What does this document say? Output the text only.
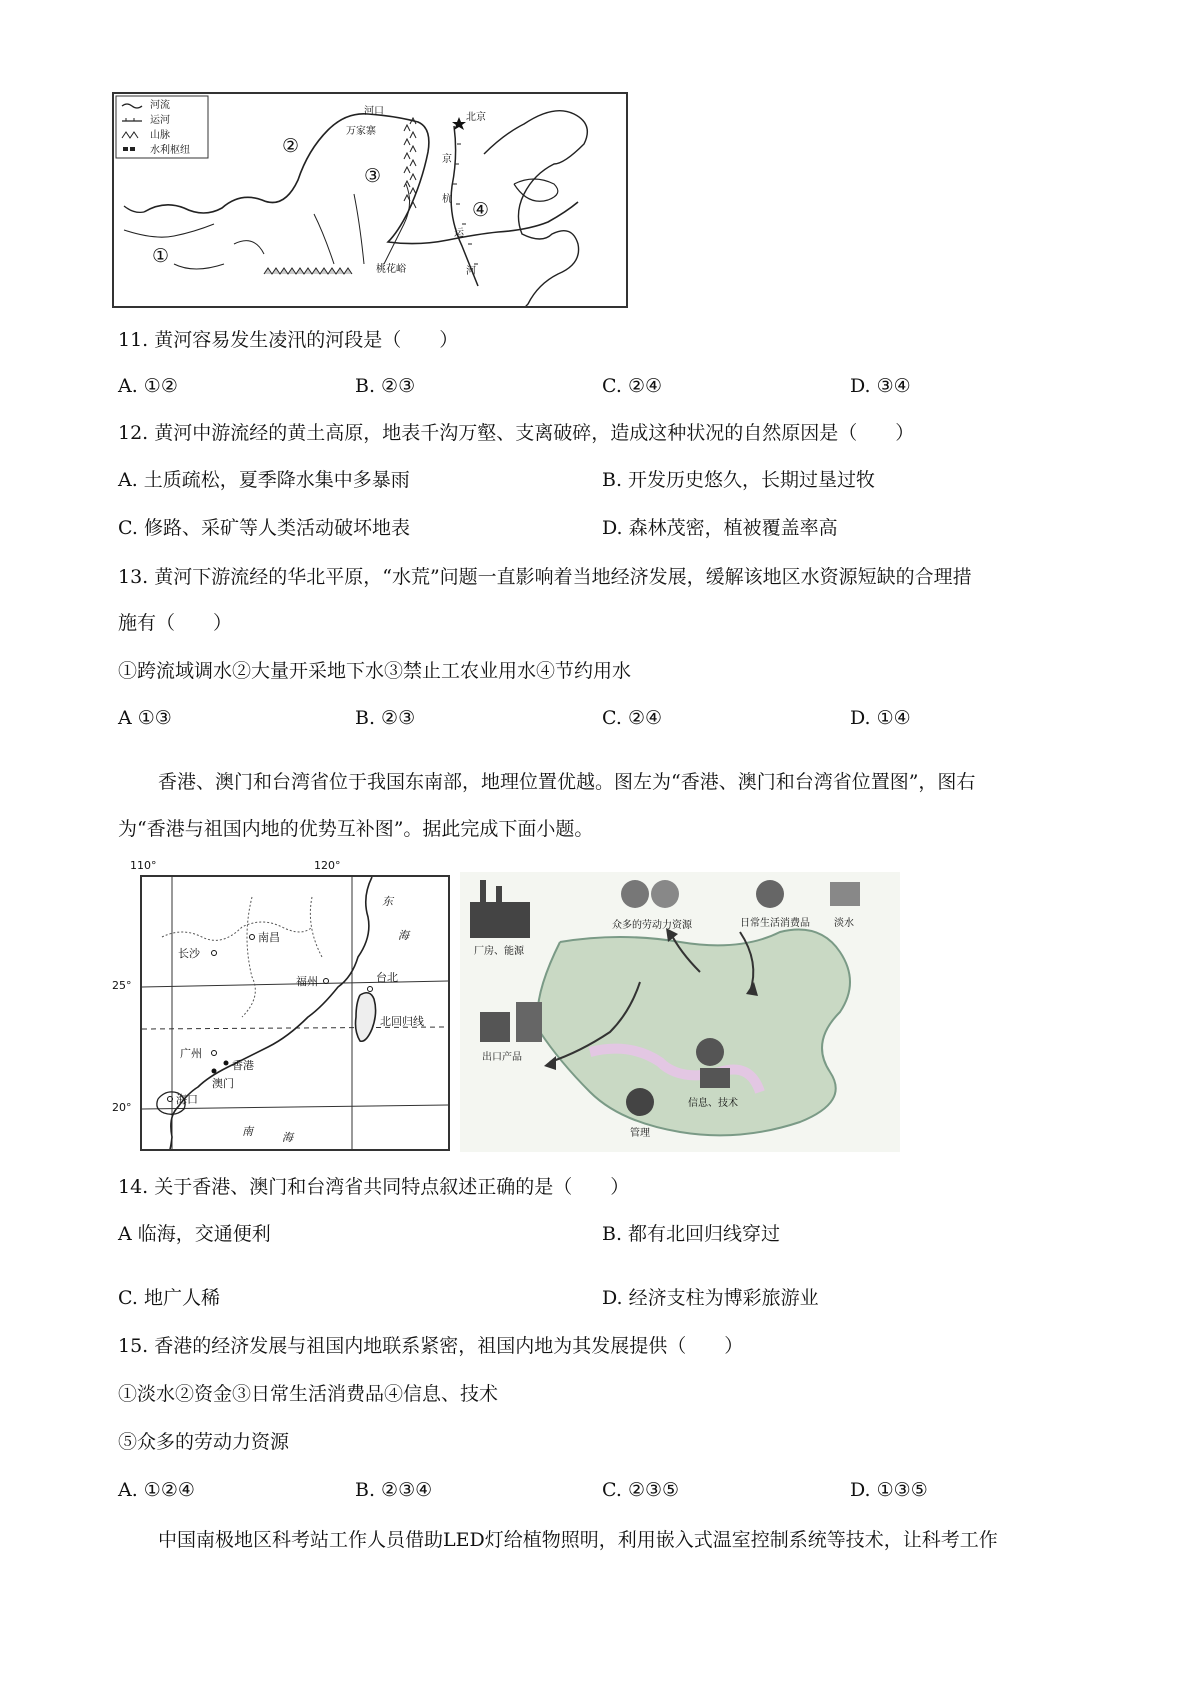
河流
运河
山脉
水利枢纽
河口
万家寨
北京
京
杭
运
河
桃花峪
①
②
③
④
11. 黄河容易发生凌汛的河段是（　　）
A. ①②	B. ②③	C. ②④	D. ③④
12. 黄河中游流经的黄土高原，地表千沟万壑、支离破碎，造成这种状况的自然原因是（　　）
A. 土质疏松，夏季降水集中多暴雨	B. 开发历史悠久，长期过垦过牧
C. 修路、采矿等人类活动破坏地表	D. 森林茂密，植被覆盖率高
13. 黄河下游流经的华北平原，“水荒”问题一直影响着当地经济发展，缓解该地区水资源短缺的合理措
施有（　　）
①跨流域调水②大量开采地下水③禁止工农业用水④节约用水
A ①③	B. ②③	C. ②④	D. ①④
香港、澳门和台湾省位于我国东南部，地理位置优越。图左为“香港、澳门和台湾省位置图”，图右
为“香港与祖国内地的优势互补图”。据此完成下面小题。
110°	120°
25°
20°
长沙
南昌
福州	台北
广州
香港
澳门
海口
东
海
南	海
北回归线
厂房、能源
众多的劳动力资源	日常生活消费品 淡水
出口产品
信息、技术
管理
14. 关于香港、澳门和台湾省共同特点叙述正确的是（　　）
A 临海，交通便利	B. 都有北回归线穿过
C. 地广人稀	D. 经济支柱为博彩旅游业
15. 香港的经济发展与祖国内地联系紧密，祖国内地为其发展提供（　　）
①淡水②资金③日常生活消费品④信息、技术
⑤众多的劳动力资源
A. ①②④	B. ②③④	C. ②③⑤	D. ①③⑤
中国南极地区科考站工作人员借助LED灯给植物照明，利用嵌入式温室控制系统等技术，让科考工作
